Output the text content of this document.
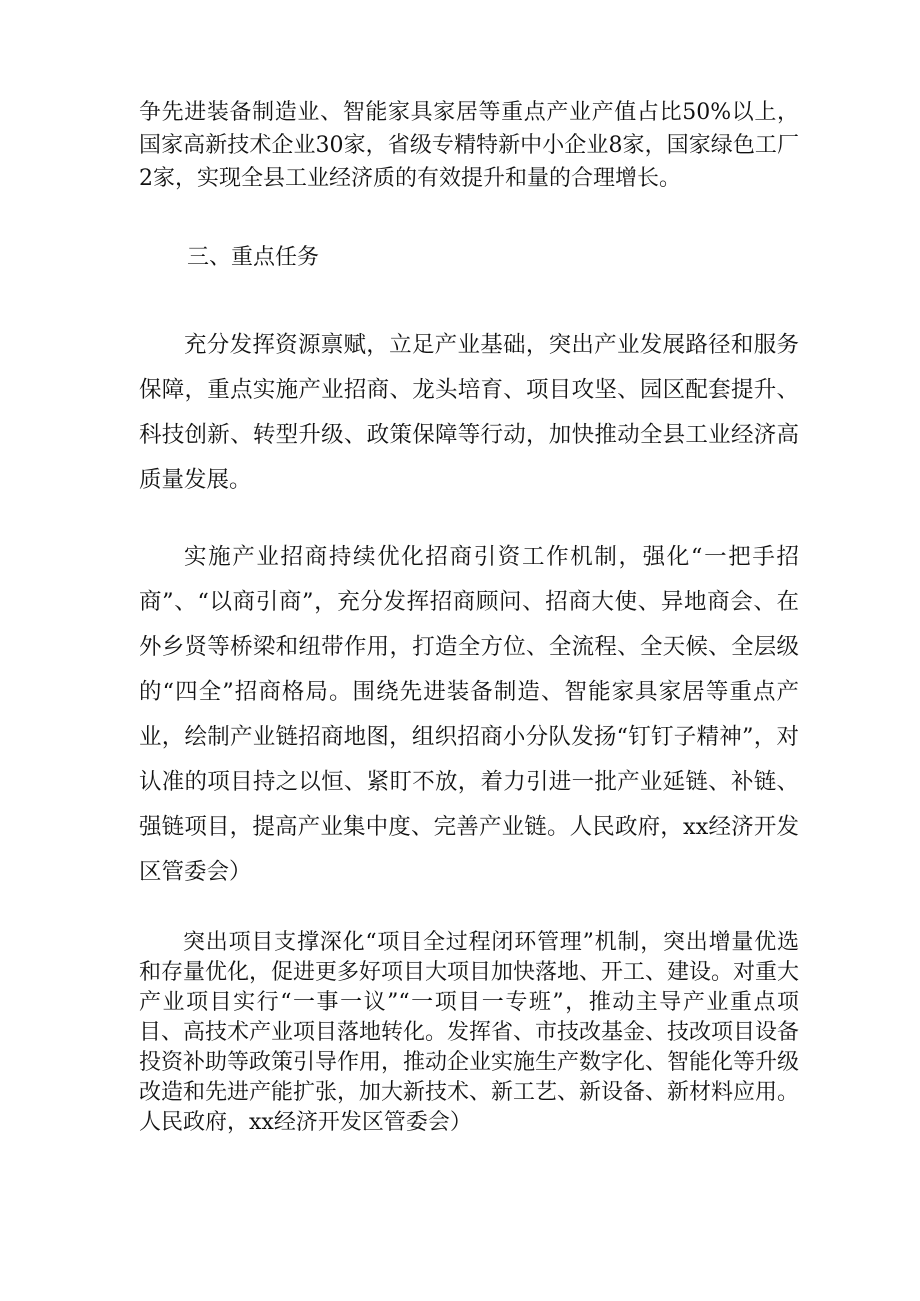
争先进装备制造业、智能家具家居等重点产业产值占比50%以上，国家高新技术企业30家，省级专精特新中小企业8家，国家绿色工厂2家，实现全县工业经济质的有效提升和量的合理增长。

三、重点任务

充分发挥资源禀赋，立足产业基础，突出产业发展路径和服务保障，重点实施产业招商、龙头培育、项目攻坚、园区配套提升、科技创新、转型升级、政策保障等行动，加快推动全县工业经济高质量发展。

实施产业招商持续优化招商引资工作机制，强化“一把手招商”、“以商引商”，充分发挥招商顾问、招商大使、异地商会、在外乡贤等桥梁和纽带作用，打造全方位、全流程、全天候、全层级的“四全”招商格局。围绕先进装备制造、智能家具家居等重点产业，绘制产业链招商地图，组织招商小分队发扬“钉钉子精神”，对认准的项目持之以恒、紧盯不放，着力引进一批产业延链、补链、强链项目，提高产业集中度、完善产业链。人民政府，xx经济开发区管委会）

突出项目支撑深化“项目全过程闭环管理”机制，突出增量优选和存量优化，促进更多好项目大项目加快落地、开工、建设。对重大产业项目实行“一事一议”“一项目一专班”，推动主导产业重点项目、高技术产业项目落地转化。发挥省、市技改基金、技改项目设备投资补助等政策引导作用，推动企业实施生产数字化、智能化等升级改造和先进产能扩张，加大新技术、新工艺、新设备、新材料应用。人民政府，xx经济开发区管委会）
